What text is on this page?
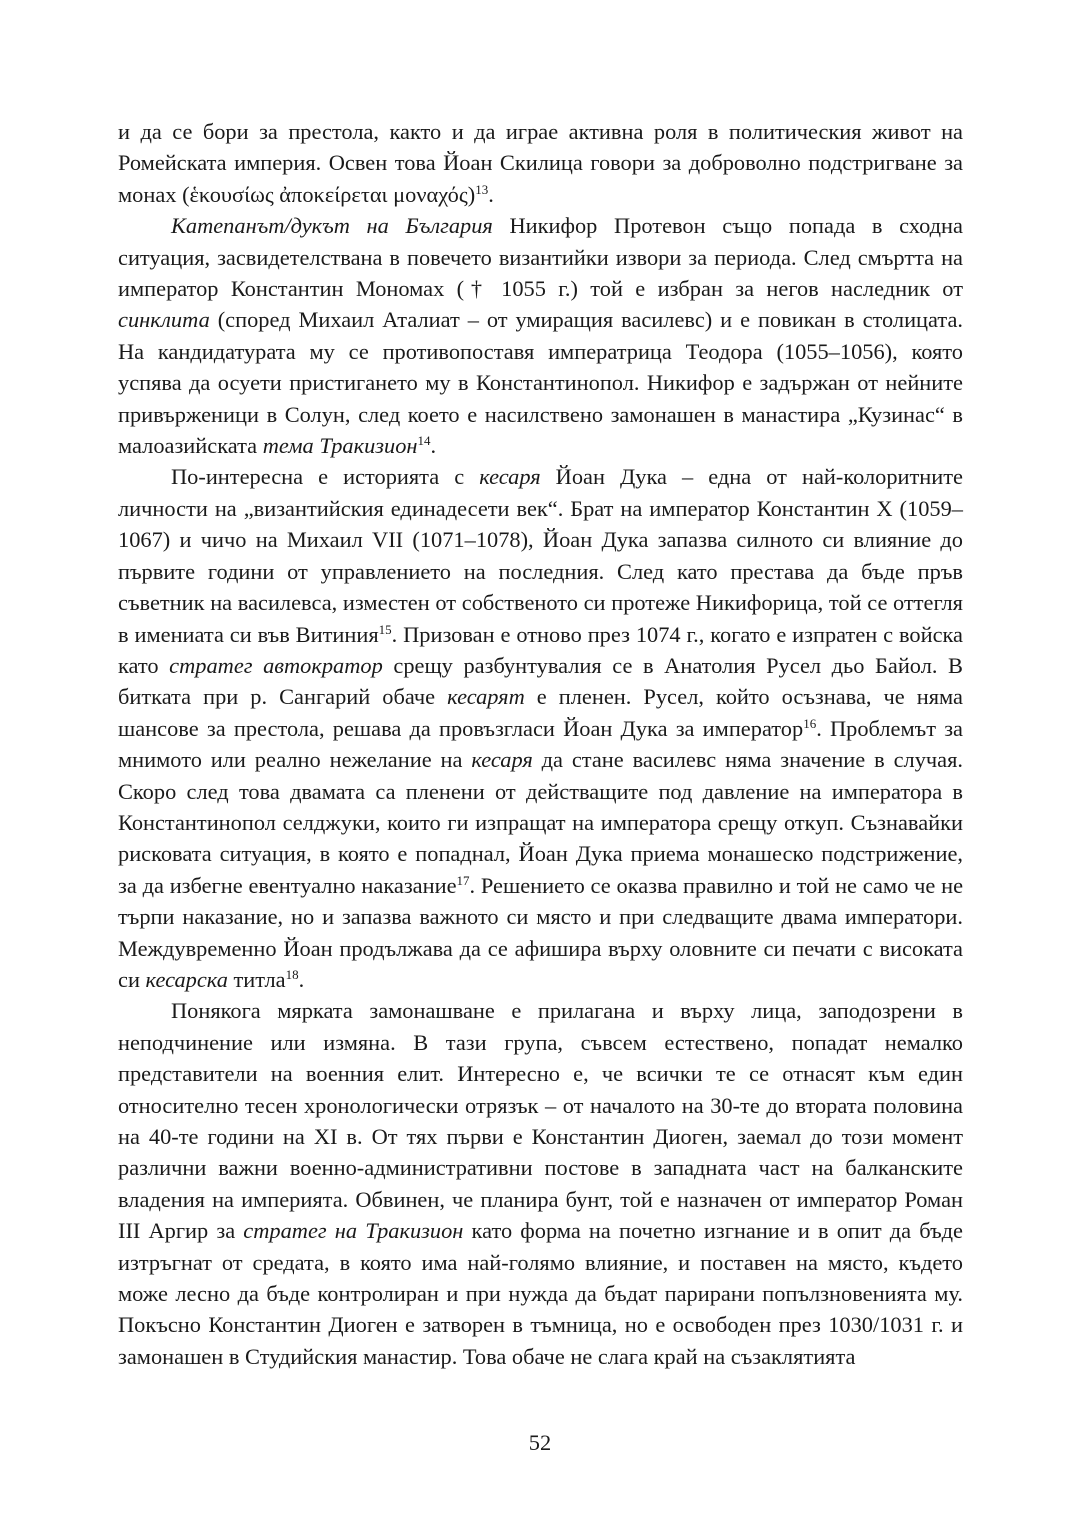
и да се бори за престола, както и да играе активна роля в политическия живот на Ромейската империя. Освен това Йоан Скилица говори за доброволно подстригване за монах (ἑκουσίως ἀποκείρεται μοναχός)$^{13}$.

Катепанът/дукът на България Никифор Протевон също попада в сходна ситуация, засвидетелствана в повечето византийки извори за периода. След смъртта на император Константин Мономах († 1055 г.) той е избран за негов наследник от синклита (според Михаил Аталиат – от умиращия василевс) и е повикан в столицата. На кандидатурата му се противопоставя императрица Теодора (1055–1056), която успява да осуети пристигането му в Константинопол. Никифор е задържан от нейните привърженици в Солун, след което е насилствено замонашен в манастира „Кузинас“ в малоазийската тема Тракизион$^{14}$.

По-интересна е историята с кесаря Йоан Дука – една от най-колоритните личности на „византийския единадесети век“. Брат на император Константин X (1059–1067) и чичо на Михаил VII (1071–1078), Йоан Дука запазва силното си влияние до първите години от управлението на последния. След като престава да бъде пръв съветник на василевса, изместен от собственото си протеже Никифорица, той се оттегля в имениата си във Витиния$^{15}$. Призован е отново през 1074 г., когато е изпратен с войска като стратег автократор срещу разбунтувалия се в Анатолия Русел дьо Байол. В битката при р. Сангарий обаче кесарят е пленен. Русел, който осъзнава, че няма шансове за престола, решава да провъзгласи Йоан Дука за император$^{16}$. Проблемът за мнимото или реално нежелание на кесаря да стане василевс няма значение в случая. Скоро след това двамата са пленени от действащите под давление на императора в Константинопол селджуки, които ги изпращат на императора срещу откуп. Съзнавайки рисковата ситуация, в която е попаднал, Йоан Дука приема монашеско подстрижение, за да избегне евентуално наказание$^{17}$. Решението се оказва правилно и той не само че не търпи наказание, но и запазва важното си място и при следващите двама императори. Междувременно Йоан продължава да се афишира върху оловните си печати с високата си кесарска титла$^{18}$.

Понякога мярката замонашване е прилагана и върху лица, заподозрени в неподчинение или измяна. В тази група, съвсем естествено, попадат немалко представители на военния елит. Интересно е, че всички те се отнасят към един относително тесен хронологически отрязък – от началото на 30-те до втората половина на 40-те години на XI в. От тях първи е Константин Диоген, заемал до този момент различни важни военно-административни постове в западната част на балканските владения на империята. Обвинен, че планира бунт, той е назначен от император Роман III Аргир за стратег на Тракизион като форма на почетно изгнание и в опит да бъде изтръгнат от средата, в която има най-голямо влияние, и поставен на място, където може лесно да бъде контролиран и при нужда да бъдат парирани попълзновенията му. Покъсно Константин Диоген е затворен в тъмница, но е освободен през 1030/1031 г. и замонашен в Студийския манастир. Това обаче не слага край на съзаклятията

52
